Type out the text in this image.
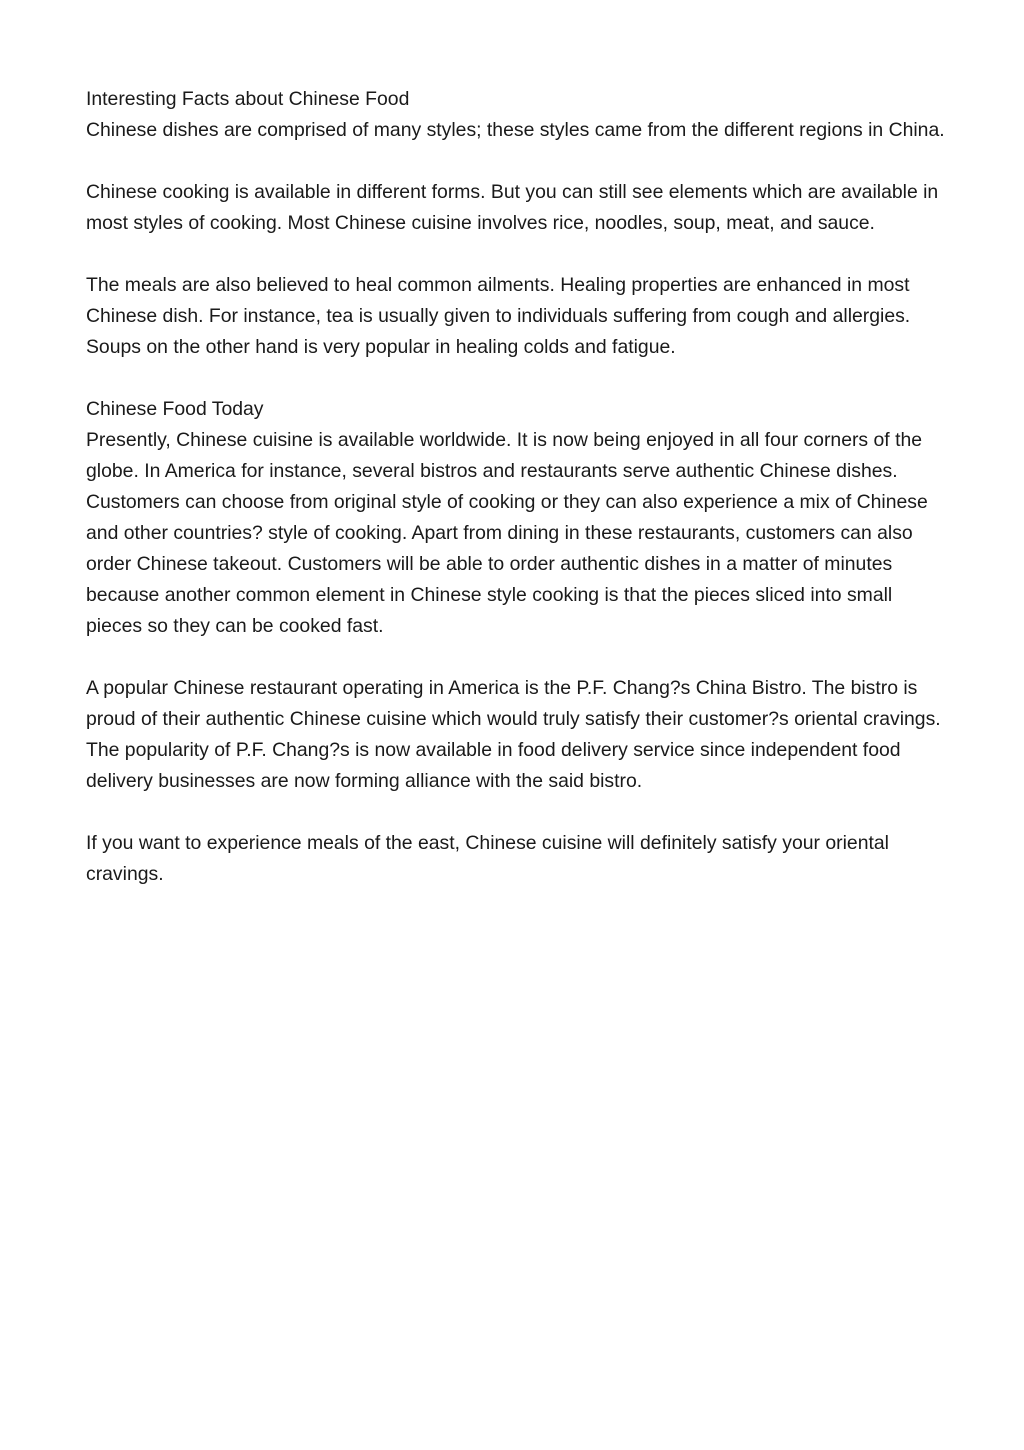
Interesting Facts about Chinese Food
Chinese dishes are comprised of many styles; these styles came from the different regions in China.

Chinese cooking is available in different forms. But you can still see elements which are available in most styles of cooking. Most Chinese cuisine involves rice, noodles, soup, meat, and sauce.

The meals are also believed to heal common ailments. Healing properties are enhanced in most Chinese dish. For instance, tea is usually given to individuals suffering from cough and allergies. Soups on the other hand is very popular in healing colds and fatigue.

Chinese Food Today
Presently, Chinese cuisine is available worldwide. It is now being enjoyed in all four corners of the globe. In America for instance, several bistros and restaurants serve authentic Chinese dishes. Customers can choose from original style of cooking or they can also experience a mix of Chinese and other countries? style of cooking. Apart from dining in these restaurants, customers can also order Chinese takeout. Customers will be able to order authentic dishes in a matter of minutes because another common element in Chinese style cooking is that the pieces sliced into small pieces so they can be cooked fast.

A popular Chinese restaurant operating in America is the P.F. Chang?s China Bistro. The bistro is proud of their authentic Chinese cuisine which would truly satisfy their customer?s oriental cravings. The popularity of P.F. Chang?s is now available in food delivery service since independent food delivery businesses are now forming alliance with the said bistro.

If you want to experience meals of the east, Chinese cuisine will definitely satisfy your oriental cravings.
